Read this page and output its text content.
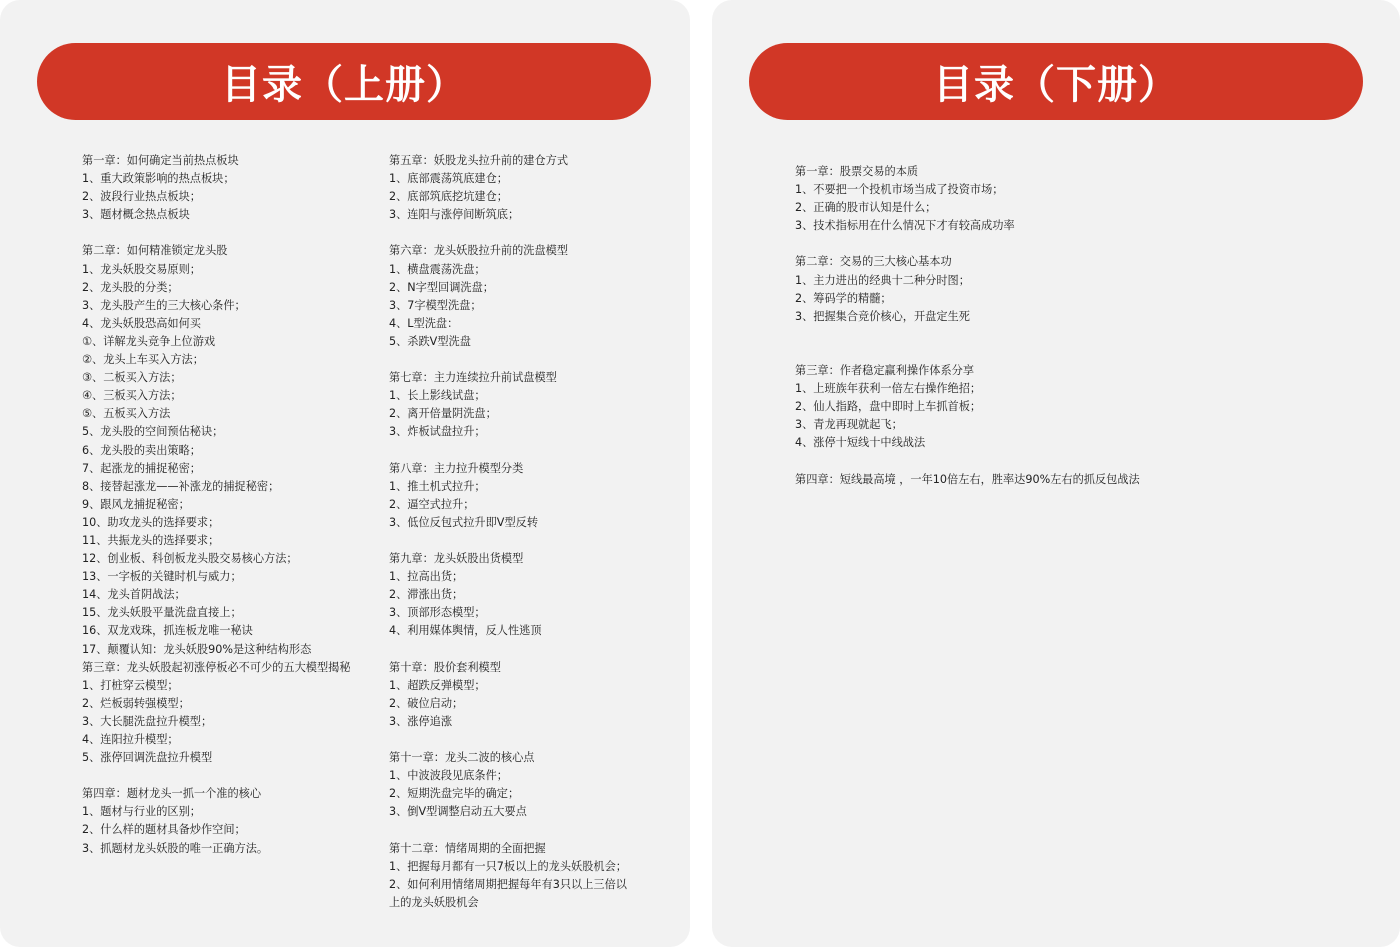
目录（上册）
第一章：如何确定当前热点板块
1、重大政策影响的热点板块；
2、波段行业热点板块；
3、题材概念热点板块
第二章：如何精准锁定龙头股
1、龙头妖股交易原则；
2、龙头股的分类；
3、龙头股产生的三大核心条件；
4、龙头妖股恐高如何买
①、详解龙头竞争上位游戏
②、龙头上车买入方法；
③、二板买入方法；
④、三板买入方法；
⑤、五板买入方法
5、龙头股的空间预估秘诀；
6、龙头股的卖出策略；
7、起涨龙的捕捉秘密；
8、接替起涨龙——补涨龙的捕捉秘密；
9、跟风龙捕捉秘密；
10、助攻龙头的选择要求；
11、共振龙头的选择要求；
12、创业板、科创板龙头股交易核心方法；
13、一字板的关键时机与威力；
14、龙头首阴战法；
15、龙头妖股平量洗盘直接上；
16、双龙戏珠，抓连板龙唯一秘诀
17、颠覆认知：龙头妖股90%是这种结构形态
第三章：龙头妖股起初涨停板必不可少的五大模型揭秘
1、打桩穿云模型；
2、烂板弱转强模型；
3、大长腿洗盘拉升模型；
4、连阳拉升模型；
5、涨停回调洗盘拉升模型
第四章：题材龙头一抓一个准的核心
1、题材与行业的区别；
2、什么样的题材具备炒作空间；
3、抓题材龙头妖股的唯一正确方法。
第五章：妖股龙头拉升前的建仓方式
1、底部震荡筑底建仓；
2、底部筑底挖坑建仓；
3、连阳与涨停间断筑底；
第六章：龙头妖股拉升前的洗盘模型
1、横盘震荡洗盘；
2、N字型回调洗盘；
3、7字模型洗盘；
4、L型洗盘：
5、杀跌V型洗盘
第七章：主力连续拉升前试盘模型
1、长上影线试盘；
2、离开倍量阴洗盘；
3、炸板试盘拉升；
第八章：主力拉升模型分类
1、推土机式拉升；
2、逼空式拉升；
3、低位反包式拉升即V型反转
第九章：龙头妖股出货模型
1、拉高出货；
2、滞涨出货；
3、顶部形态模型；
4、利用媒体舆情，反人性逃顶
第十章：股价套利模型
1、超跌反弹模型；
2、破位启动；
3、涨停追涨
第十一章：龙头二波的核心点
1、中波波段见底条件；
2、短期洗盘完毕的确定；
3、倒V型调整启动五大要点
第十二章：情绪周期的全面把握
1、把握每月都有一只7板以上的龙头妖股机会；
2、如何利用情绪周期把握每年有3只以上三倍以
上的龙头妖股机会
目录（下册）
第一章：股票交易的本质
1、不要把一个投机市场当成了投资市场；
2、正确的股市认知是什么；
3、技术指标用在什么情况下才有较高成功率
第二章：交易的三大核心基本功
1、主力进出的经典十二种分时图；
2、筹码学的精髓；
3、把握集合竞价核心，开盘定生死
第三章：作者稳定赢利操作体系分享
1、上班族年获利一倍左右操作绝招；
2、仙人指路，盘中即时上车抓首板；
3、青龙再现就起飞；
4、涨停十短线十中线战法
第四章：短线最高境 ，一年10倍左右，胜率达90%左右的抓反包战法
